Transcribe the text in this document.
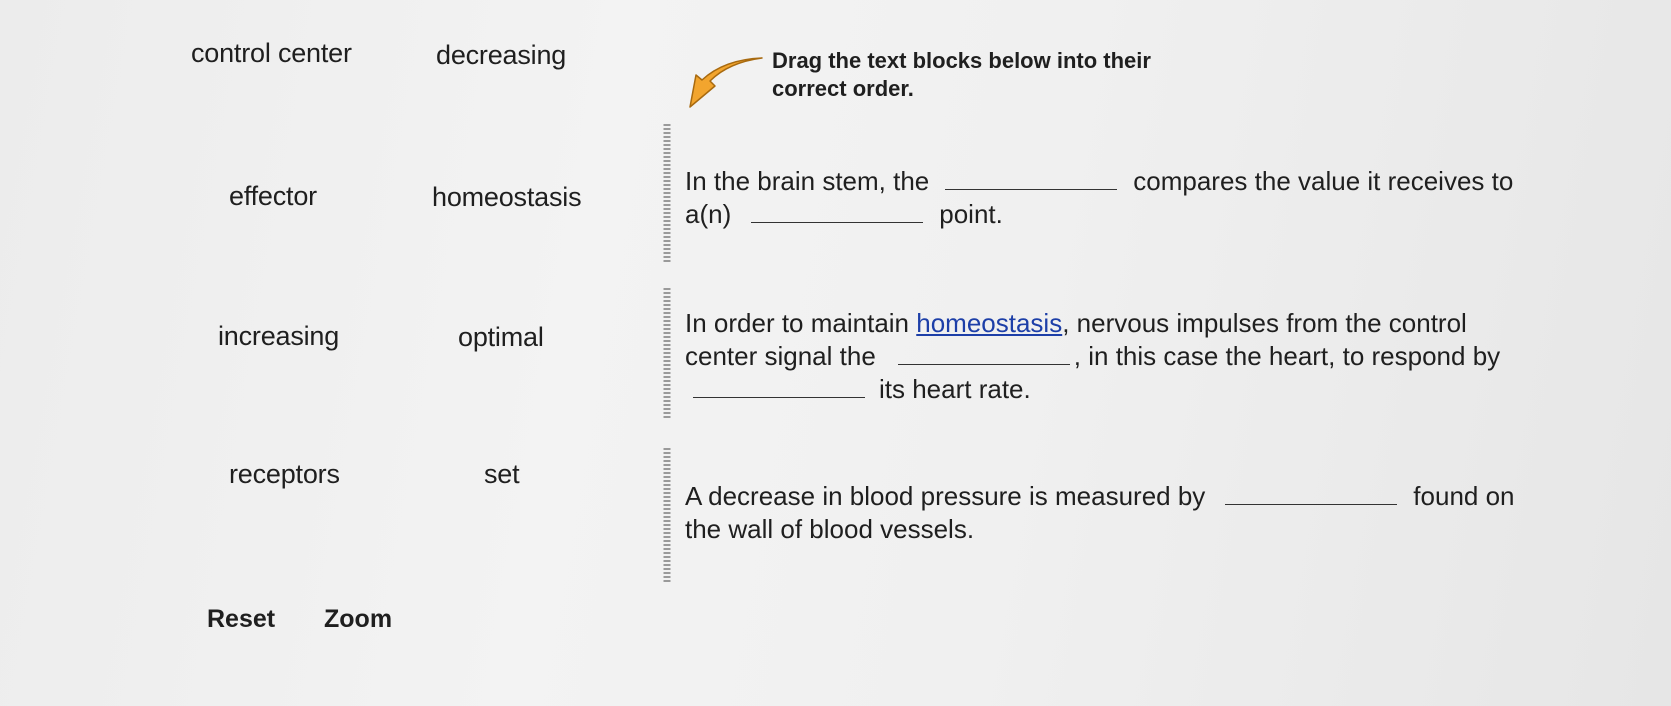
control center	decreasing
effector	homeostasis
increasing	optimal
receptors	set
Reset Zoom
Drag the text blocks below into their
correct order.
In the brain stem, the	compares the value it receives to
a(n)	point.
In order to maintain homeostasis, nervous impulses from the control
center signal the	, in this case the heart, to respond by
its heart rate.
A decrease in blood pressure is measured by	found on
the wall of blood vessels.
